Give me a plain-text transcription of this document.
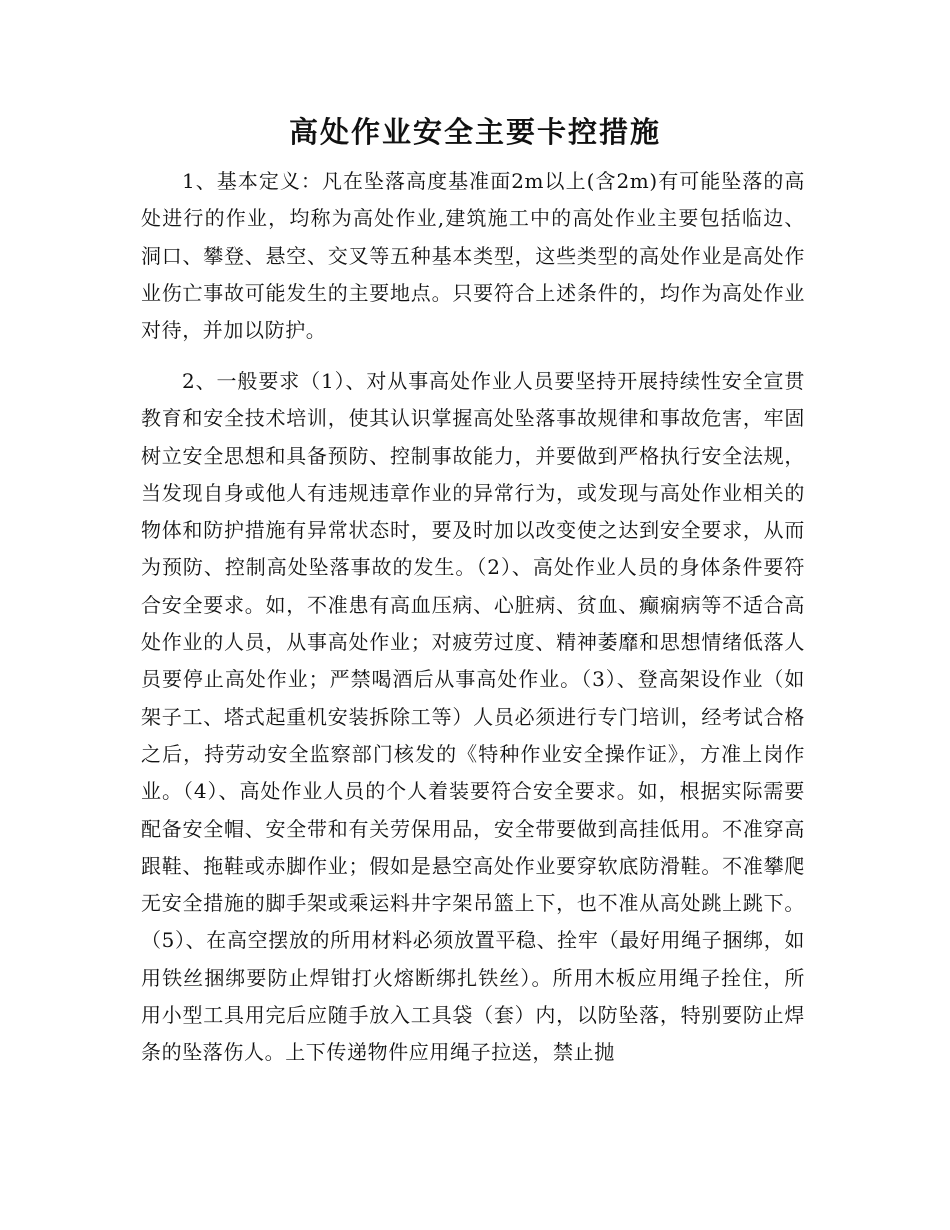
高处作业安全主要卡控措施

1、基本定义：凡在坠落高度基准面2m以上(含2m)有可能坠落的高处进行的作业，均称为高处作业,建筑施工中的高处作业主要包括临边、洞口、攀登、悬空、交叉等五种基本类型，这些类型的高处作业是高处作业伤亡事故可能发生的主要地点。只要符合上述条件的，均作为高处作业对待，并加以防护。

2、一般要求（1）、对从事高处作业人员要坚持开展持续性安全宣贯教育和安全技术培训，使其认识掌握高处坠落事故规律和事故危害，牢固树立安全思想和具备预防、控制事故能力，并要做到严格执行安全法规，当发现自身或他人有违规违章作业的异常行为，或发现与高处作业相关的物体和防护措施有异常状态时，要及时加以改变使之达到安全要求，从而为预防、控制高处坠落事故的发生。（2）、高处作业人员的身体条件要符合安全要求。如，不准患有高血压病、心脏病、贫血、癫痫病等不适合高处作业的人员，从事高处作业；对疲劳过度、精神萎靡和思想情绪低落人员要停止高处作业；严禁喝酒后从事高处作业。（3）、登高架设作业（如架子工、塔式起重机安装拆除工等）人员必须进行专门培训，经考试合格之后，持劳动安全监察部门核发的《特种作业安全操作证》，方准上岗作业。（4）、高处作业人员的个人着装要符合安全要求。如，根据实际需要配备安全帽、安全带和有关劳保用品，安全带要做到高挂低用。不准穿高跟鞋、拖鞋或赤脚作业；假如是悬空高处作业要穿软底防滑鞋。不准攀爬无安全措施的脚手架或乘运料井字架吊篮上下，也不准从高处跳上跳下。（5）、在高空摆放的所用材料必须放置平稳、拴牢（最好用绳子捆绑，如用铁丝捆绑要防止焊钳打火熔断绑扎铁丝）。所用木板应用绳子拴住，所用小型工具用完后应随手放入工具袋（套）内，以防坠落，特别要防止焊条的坠落伤人。上下传递物件应用绳子拉送，禁止抛
